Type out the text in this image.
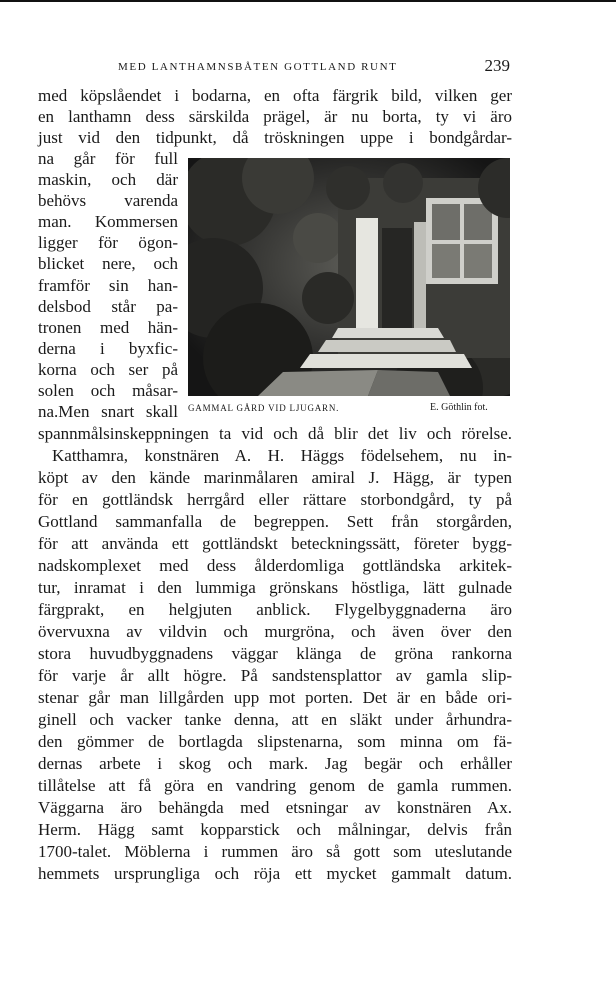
MED LANTHAMNSBÅTEN GOTTLAND RUNT	239
med köpslåendet i bodarna, en ofta färgrik bild, vilken ger
en lanthamn dess särskilda prägel, är nu borta, ty vi äro
just vid den tidpunkt, då tröskningen uppe i bondgårdar-
na går för full
maskin, och där
behövs varenda
man. Kommersen
ligger för ögon-
blicket nere, och
framför sin han-
delsbod står pa-
tronen med hän-
derna i byxfic-
korna och ser på
solen och måsar-
na.Men snart skall GAMMAL GÅRD VID LJUGARN.	E. Göthlin fot.
spannmålsinskeppningen ta vid och då blir det liv och rörelse.
Katthamra, konstnären A. H. Häggs födelsehem, nu in-
köpt av den kände marinmålaren amiral J. Hägg, är typen
för en gottländsk herrgård eller rättare storbondgård, ty på
Gottland sammanfalla de begreppen. Sett från storgården,
för att använda ett gottländskt beteckningssätt, företer bygg-
nadskomplexet med dess ålderdomliga gottländska arkitek-
tur, inramat i den lummiga grönskans höstliga, lätt gulnade
färgprakt, en helgjuten anblick. Flygelbyggnaderna äro
övervuxna av vildvin och murgröna, och även över den
stora huvudbyggnadens väggar klänga de gröna rankorna
för varje år allt högre. På sandstensplattor av gamla slip-
stenar går man lillgården upp mot porten. Det är en både ori-
ginell och vacker tanke denna, att en släkt under århundra-
den gömmer de bortlagda slipstenarna, som minna om fä-
dernas arbete i skog och mark. Jag begär och erhåller
tillåtelse att få göra en vandring genom de gamla rummen.
Väggarna äro behängda med etsningar av konstnären Ax.
Herm. Hägg samt kopparstick och målningar, delvis från
1700-talet. Möblerna i rummen äro så gott som uteslutande
hemmets ursprungliga och röja ett mycket gammalt datum.
